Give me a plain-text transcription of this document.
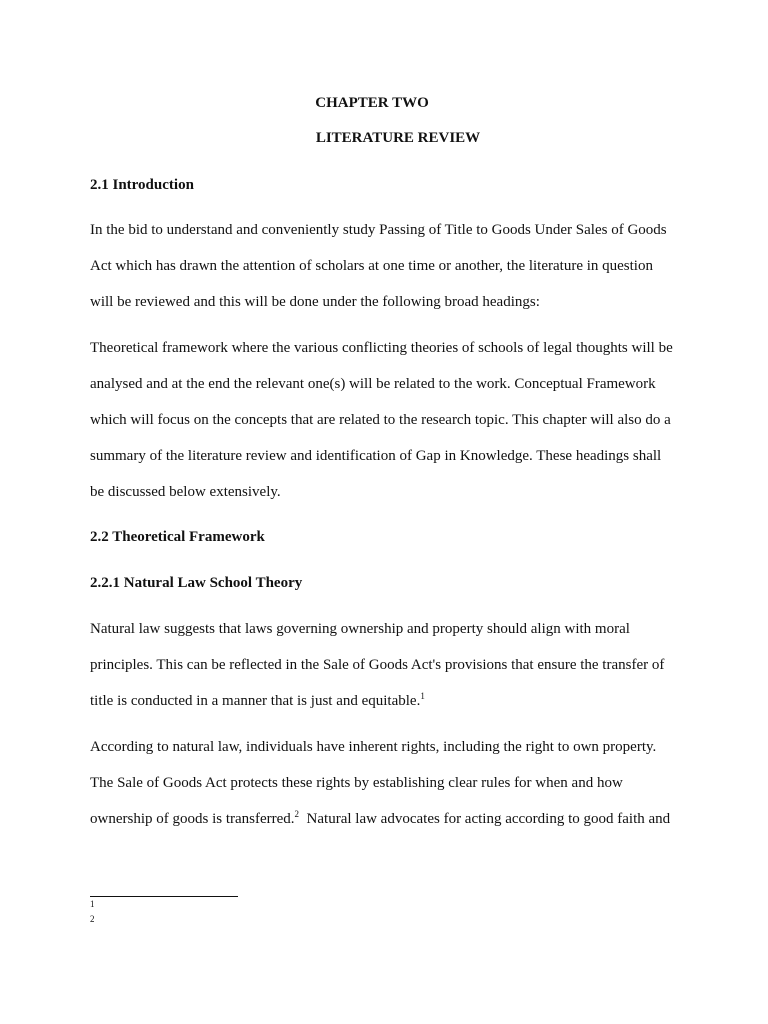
CHAPTER TWO

LITERATURE REVIEW

2.1 Introduction

In the bid to understand and conveniently study Passing of Title to Goods Under Sales of Goods
Act which has drawn the attention of scholars at one time or another, the literature in question
will be reviewed and this will be done under the following broad headings:

Theoretical framework where the various conflicting theories of schools of legal thoughts will be
analysed and at the end the relevant one(s) will be related to the work. Conceptual Framework
which will focus on the concepts that are related to the research topic. This chapter will also do a
summary of the literature review and identification of Gap in Knowledge. These headings shall
be discussed below extensively.

2.2 Theoretical Framework

2.2.1 Natural Law School Theory

Natural law suggests that laws governing ownership and property should align with moral
principles. This can be reflected in the Sale of Goods Act's provisions that ensure the transfer of
title is conducted in a manner that is just and equitable.$^1$

According to natural law, individuals have inherent rights, including the right to own property.
The Sale of Goods Act protects these rights by establishing clear rules for when and how
ownership of goods is transferred.$^2$  Natural law advocates for acting according to good faith and

1
2
